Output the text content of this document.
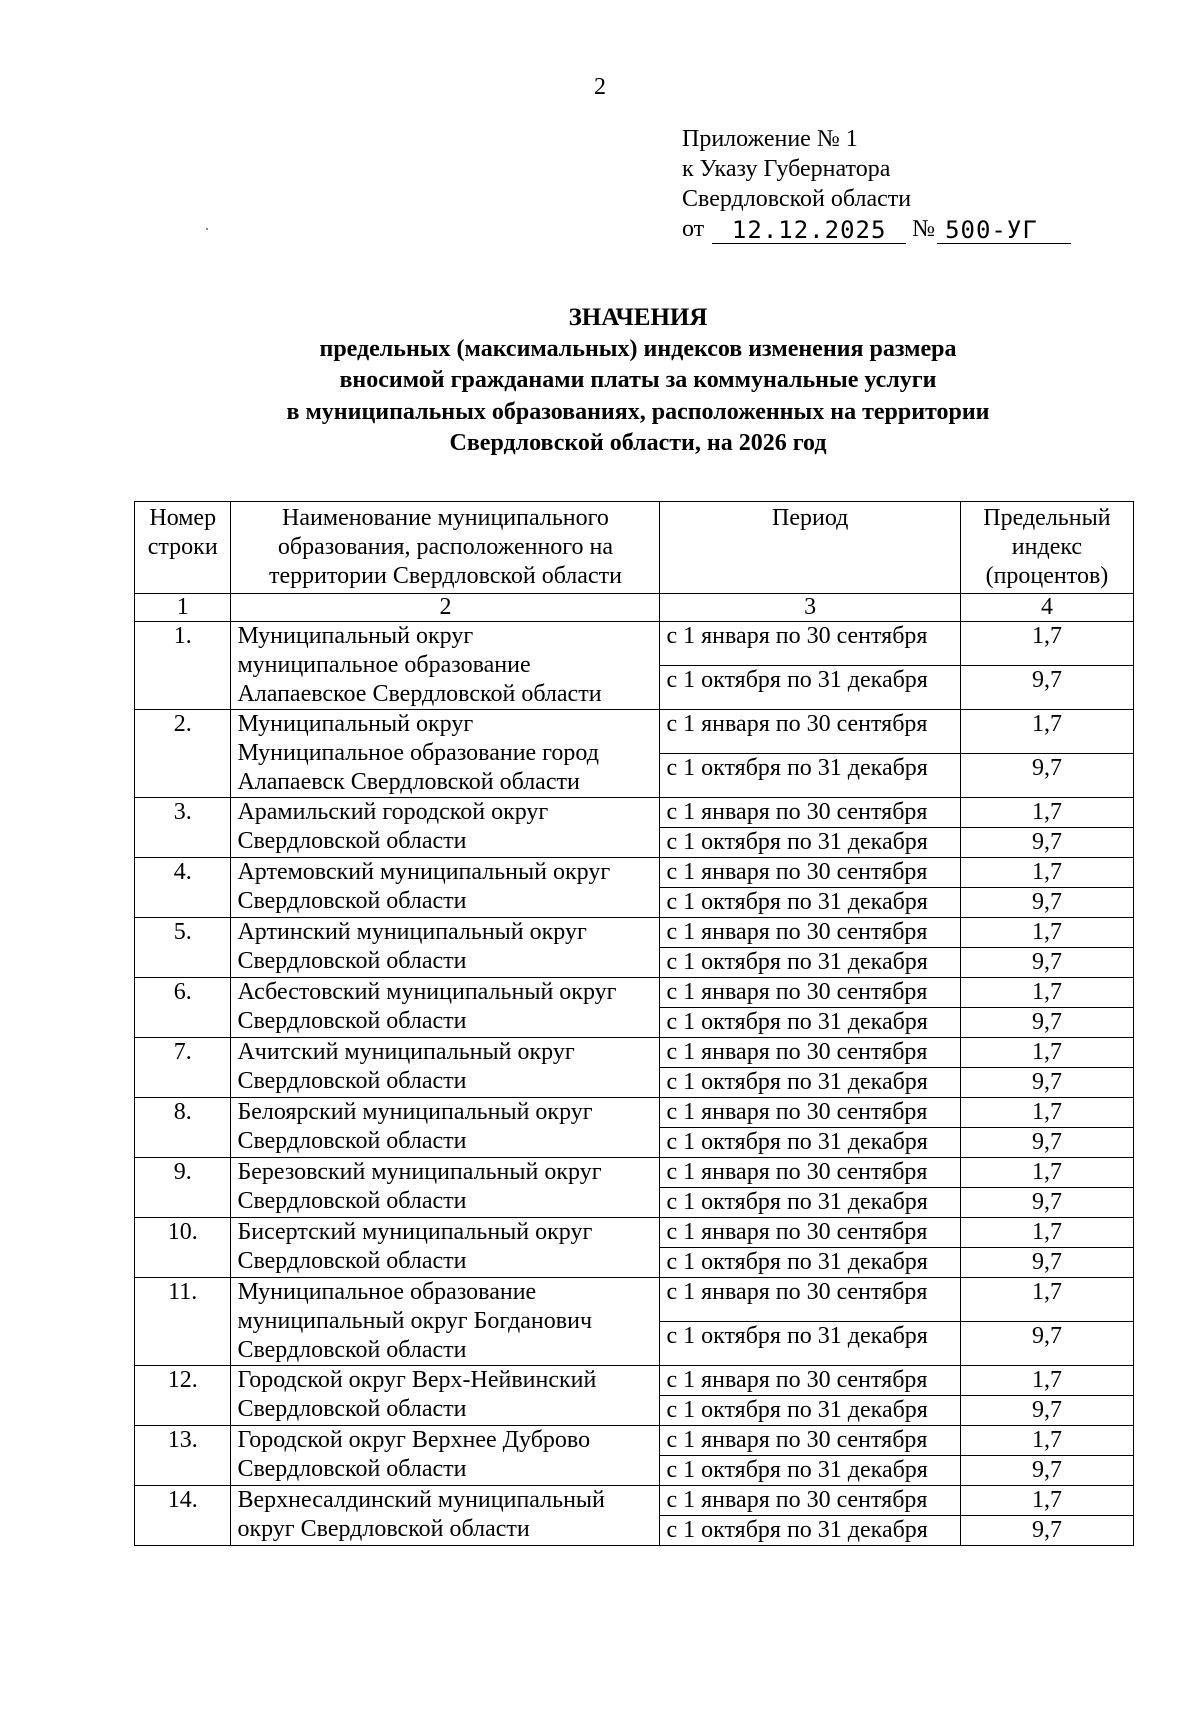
2
Приложение № 1
к Указу Губернатора
Свердловской области
от	12.12.2025	№ 500-УГ
ЗНАЧЕНИЯ
предельных (максимальных) индексов изменения размера
вносимой гражданами платы за коммунальные услуги
в муниципальных образованиях, расположенных на территории
Свердловской области, на 2026 год
Номер строки	Наименование муниципального образования, расположенного на территории Свердловской области	Период	Предельный индекс (процентов)
1	2	3	4
1.	Муниципальный округ
муниципальное образование
Алапаевское Свердловской области	с 1 января по 30 сентября	1,7
		с 1 октября по 31 декабря	9,7
2.	Муниципальный округ
Муниципальное образование город
Алапаевск Свердловской области	с 1 января по 30 сентября	1,7
		с 1 октября по 31 декабря	9,7
3.	Арамильский городской округ
Свердловской области	с 1 января по 30 сентября	1,7
		с 1 октября по 31 декабря	9,7
4.	Артемовский муниципальный округ
Свердловской области	с 1 января по 30 сентября	1,7
		с 1 октября по 31 декабря	9,7
5.	Артинский муниципальный округ
Свердловской области	с 1 января по 30 сентября	1,7
		с 1 октября по 31 декабря	9,7
6.	Асбестовский муниципальный округ
Свердловской области	с 1 января по 30 сентября	1,7
		с 1 октября по 31 декабря	9,7
7.	Ачитский муниципальный округ
Свердловской области	с 1 января по 30 сентября	1,7
		с 1 октября по 31 декабря	9,7
8.	Белоярский муниципальный округ
Свердловской области	с 1 января по 30 сентября	1,7
		с 1 октября по 31 декабря	9,7
9.	Березовский муниципальный округ
Свердловской области	с 1 января по 30 сентября	1,7
		с 1 октября по 31 декабря	9,7
10.	Бисертский муниципальный округ
Свердловской области	с 1 января по 30 сентября	1,7
		с 1 октября по 31 декабря	9,7
11.	Муниципальное образование
муниципальный округ Богданович
Свердловской области	с 1 января по 30 сентября	1,7
		с 1 октября по 31 декабря	9,7
12.	Городской округ Верх-Нейвинский
Свердловской области	с 1 января по 30 сентября	1,7
		с 1 октября по 31 декабря	9,7
13.	Городской округ Верхнее Дуброво
Свердловской области	с 1 января по 30 сентября	1,7
		с 1 октября по 31 декабря	9,7
14.	Верхнесалдинский муниципальный
округ Свердловской области	с 1 января по 30 сентября	1,7
		с 1 октября по 31 декабря	9,7
